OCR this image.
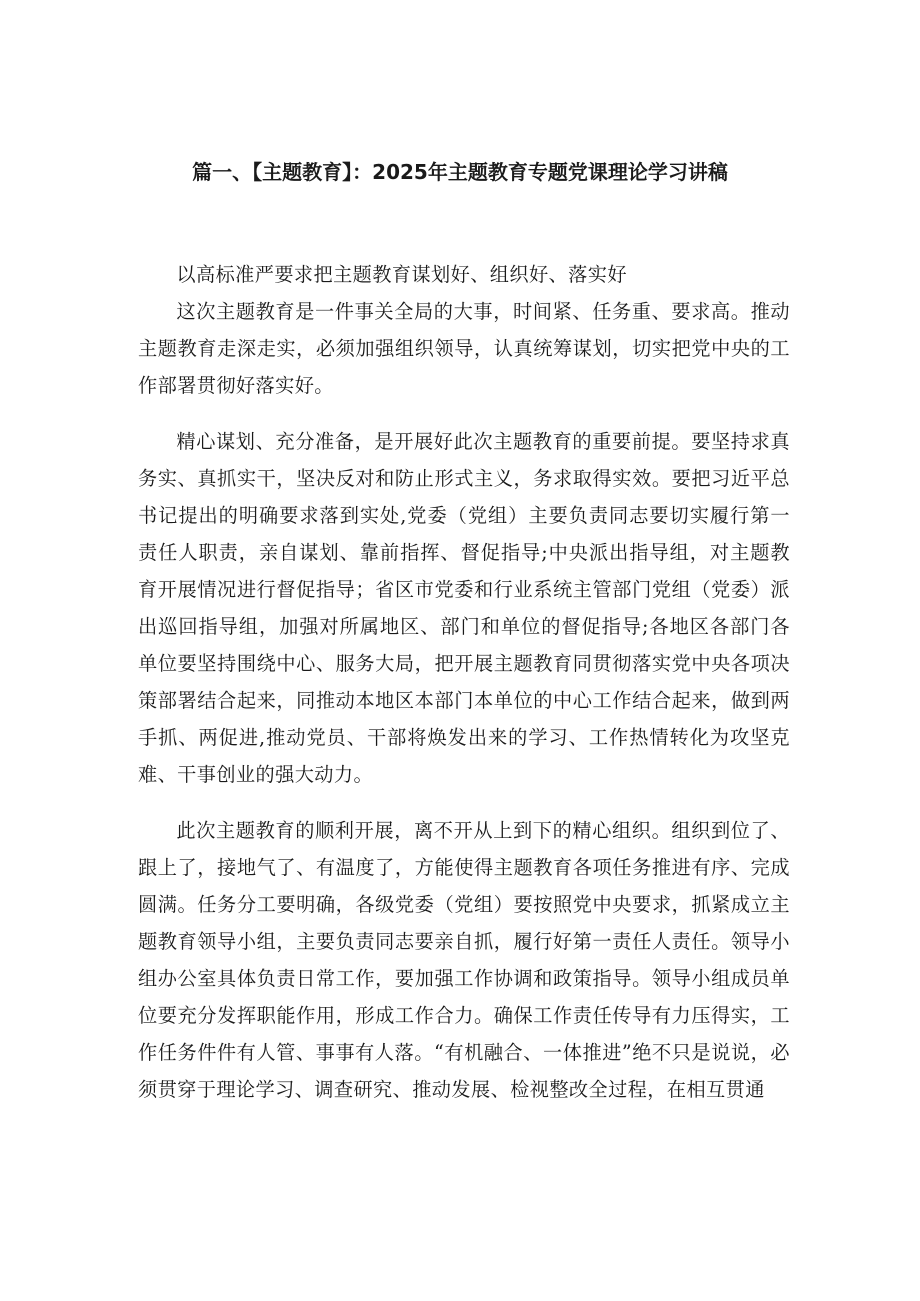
篇一、【主题教育】：2025年主题教育专题党课理论学习讲稿

以高标准严要求把主题教育谋划好、组织好、落实好

这次主题教育是一件事关全局的大事，时间紧、任务重、要求高。推动主题教育走深走实，必须加强组织领导，认真统筹谋划，切实把党中央的工作部署贯彻好落实好。

精心谋划、充分准备，是开展好此次主题教育的重要前提。要坚持求真务实、真抓实干，坚决反对和防止形式主义，务求取得实效。要把习近平总书记提出的明确要求落到实处,党委（党组）主要负责同志要切实履行第一责任人职责，亲自谋划、靠前指挥、督促指导;中央派出指导组，对主题教育开展情况进行督促指导；省区市党委和行业系统主管部门党组（党委）派出巡回指导组，加强对所属地区、部门和单位的督促指导;各地区各部门各单位要坚持围绕中心、服务大局，把开展主题教育同贯彻落实党中央各项决策部署结合起来，同推动本地区本部门本单位的中心工作结合起来，做到两手抓、两促进,推动党员、干部将焕发出来的学习、工作热情转化为攻坚克难、干事创业的强大动力。

此次主题教育的顺利开展，离不开从上到下的精心组织。组织到位了、跟上了，接地气了、有温度了，方能使得主题教育各项任务推进有序、完成圆满。任务分工要明确，各级党委（党组）要按照党中央要求，抓紧成立主题教育领导小组，主要负责同志要亲自抓，履行好第一责任人责任。领导小组办公室具体负责日常工作，要加强工作协调和政策指导。领导小组成员单位要充分发挥职能作用，形成工作合力。确保工作责任传导有力压得实，工作任务件件有人管、事事有人落。“有机融合、一体推进”绝不只是说说，必须贯穿于理论学习、调查研究、推动发展、检视整改全过程，在相互贯通
